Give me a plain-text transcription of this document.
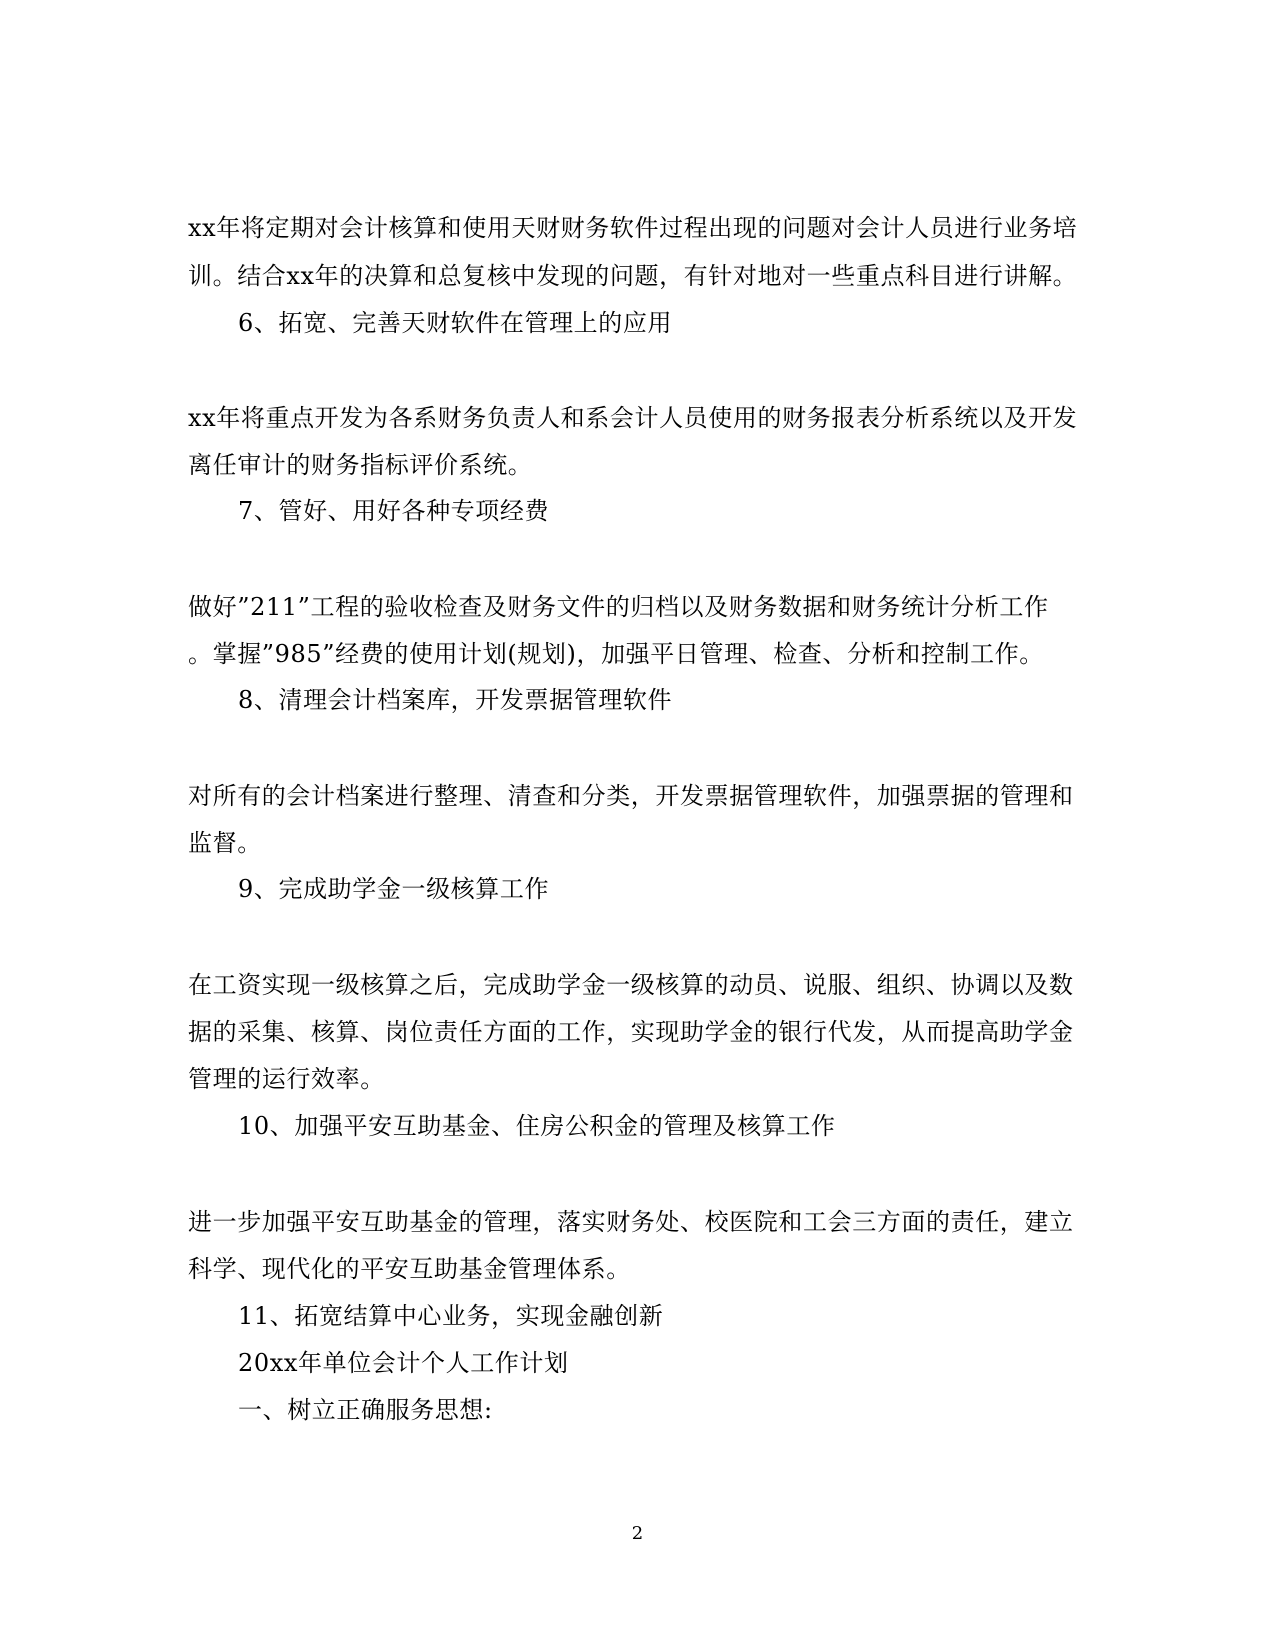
xx年将定期对会计核算和使用天财财务软件过程出现的问题对会计人员进行业务培
训。结合xx年的决算和总复核中发现的问题，有针对地对一些重点科目进行讲解。
6、拓宽、完善天财软件在管理上的应用
xx年将重点开发为各系财务负责人和系会计人员使用的财务报表分析系统以及开发
离任审计的财务指标评价系统。
7、管好、用好各种专项经费
做好”211”工程的验收检查及财务文件的归档以及财务数据和财务统计分析工作
。掌握”985”经费的使用计划(规划)，加强平日管理、检查、分析和控制工作。
8、清理会计档案库，开发票据管理软件
对所有的会计档案进行整理、清查和分类，开发票据管理软件，加强票据的管理和
监督。
9、完成助学金一级核算工作
在工资实现一级核算之后，完成助学金一级核算的动员、说服、组织、协调以及数
据的采集、核算、岗位责任方面的工作，实现助学金的银行代发，从而提高助学金
管理的运行效率。
10、加强平安互助基金、住房公积金的管理及核算工作
进一步加强平安互助基金的管理，落实财务处、校医院和工会三方面的责任，建立
科学、现代化的平安互助基金管理体系。
11、拓宽结算中心业务，实现金融创新
20xx年单位会计个人工作计划
一、树立正确服务思想:
2
